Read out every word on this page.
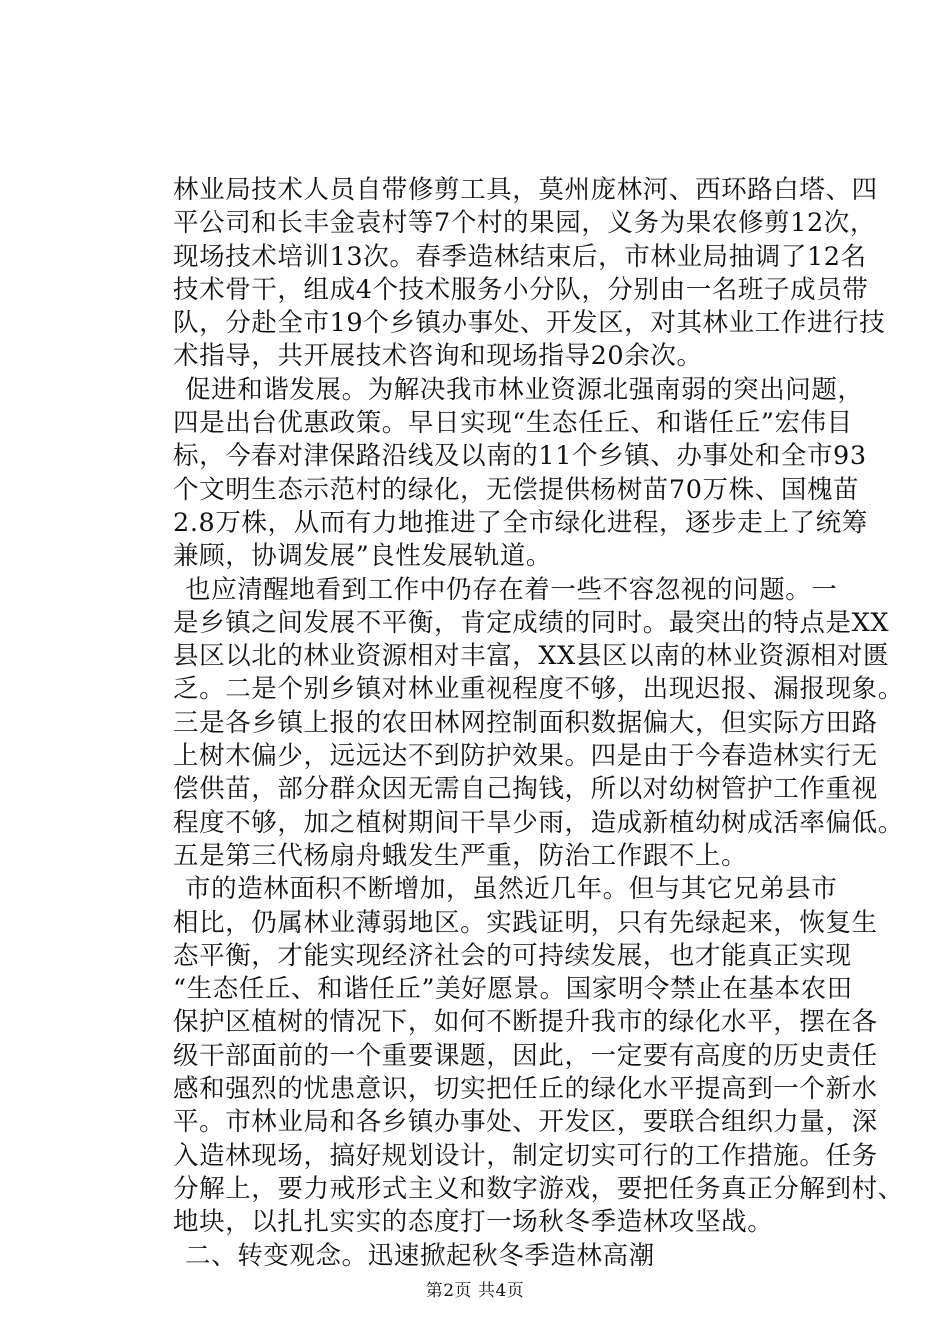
林业局技术人员自带修剪工具，莫州庞林河、西环路白塔、四
平公司和长丰金袁村等7个村的果园，义务为果农修剪12次，
现场技术培训13次。春季造林结束后，市林业局抽调了12名
技术骨干，组成4个技术服务小分队，分别由一名班子成员带
队，分赴全市19个乡镇办事处、开发区，对其林业工作进行技
术指导，共开展技术咨询和现场指导20余次。
促进和谐发展。为解决我市林业资源北强南弱的突出问题，
四是出台优惠政策。早日实现“生态任丘、和谐任丘”宏伟目
标，今春对津保路沿线及以南的11个乡镇、办事处和全市93
个文明生态示范村的绿化，无偿提供杨树苗70万株、国槐苗
2.8万株，从而有力地推进了全市绿化进程，逐步走上了统筹
兼顾，协调发展”良性发展轨道。
也应清醒地看到工作中仍存在着一些不容忽视的问题。一
是乡镇之间发展不平衡，肯定成绩的同时。最突出的特点是XX
县区以北的林业资源相对丰富，XX县区以南的林业资源相对匮
乏。二是个别乡镇对林业重视程度不够，出现迟报、漏报现象。
三是各乡镇上报的农田林网控制面积数据偏大，但实际方田路
上树木偏少，远远达不到防护效果。四是由于今春造林实行无
偿供苗，部分群众因无需自己掏钱，所以对幼树管护工作重视
程度不够，加之植树期间干旱少雨，造成新植幼树成活率偏低。
五是第三代杨扇舟蛾发生严重，防治工作跟不上。
市的造林面积不断增加，虽然近几年。但与其它兄弟县市
相比，仍属林业薄弱地区。实践证明，只有先绿起来，恢复生
态平衡，才能实现经济社会的可持续发展，也才能真正实现
“生态任丘、和谐任丘”美好愿景。国家明令禁止在基本农田
保护区植树的情况下，如何不断提升我市的绿化水平，摆在各
级干部面前的一个重要课题，因此，一定要有高度的历史责任
感和强烈的忧患意识，切实把任丘的绿化水平提高到一个新水
平。市林业局和各乡镇办事处、开发区，要联合组织力量，深
入造林现场，搞好规划设计，制定切实可行的工作措施。任务
分解上，要力戒形式主义和数字游戏，要把任务真正分解到村、
地块，以扎扎实实的态度打一场秋冬季造林攻坚战。
二、转变观念。迅速掀起秋冬季造林高潮
第2页 共4页
